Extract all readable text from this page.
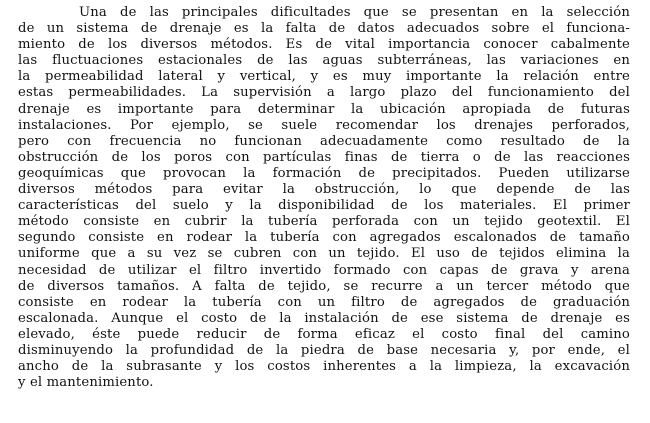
Una de las principales dificultades que se presentan en la selección
de un sistema de drenaje es la falta de datos adecuados sobre el funciona-
miento de los diversos métodos. Es de vital importancia conocer cabalmente
las fluctuaciones estacionales de las aguas subterráneas, las variaciones en
la permeabilidad lateral y vertical, y es muy importante la relación entre
estas permeabilidades. La supervisión a largo plazo del funcionamiento del
drenaje es importante para determinar la ubicación apropiada de futuras
instalaciones. Por ejemplo, se suele recomendar los drenajes perforados,
pero con frecuencia no funcionan adecuadamente como resultado de la
obstrucción de los poros con partículas finas de tierra o de las reacciones
geoquímicas que provocan la formación de precipitados. Pueden utilizarse
diversos métodos para evitar la obstrucción, lo que depende de las
características del suelo y la disponibilidad de los materiales. El primer
método consiste en cubrir la tubería perforada con un tejido geotextil. El
segundo consiste en rodear la tubería con agregados escalonados de tamaño
uniforme que a su vez se cubren con un tejido. El uso de tejidos elimina la
necesidad de utilizar el filtro invertido formado con capas de grava y arena
de diversos tamaños. A falta de tejido, se recurre a un tercer método que
consiste en rodear la tubería con un filtro de agregados de graduación
escalonada. Aunque el costo de la instalación de ese sistema de drenaje es
elevado, éste puede reducir de forma eficaz el costo final del camino
disminuyendo la profundidad de la piedra de base necesaria y, por ende, el
ancho de la subrasante y los costos inherentes a la limpieza, la excavación
y el mantenimiento.
